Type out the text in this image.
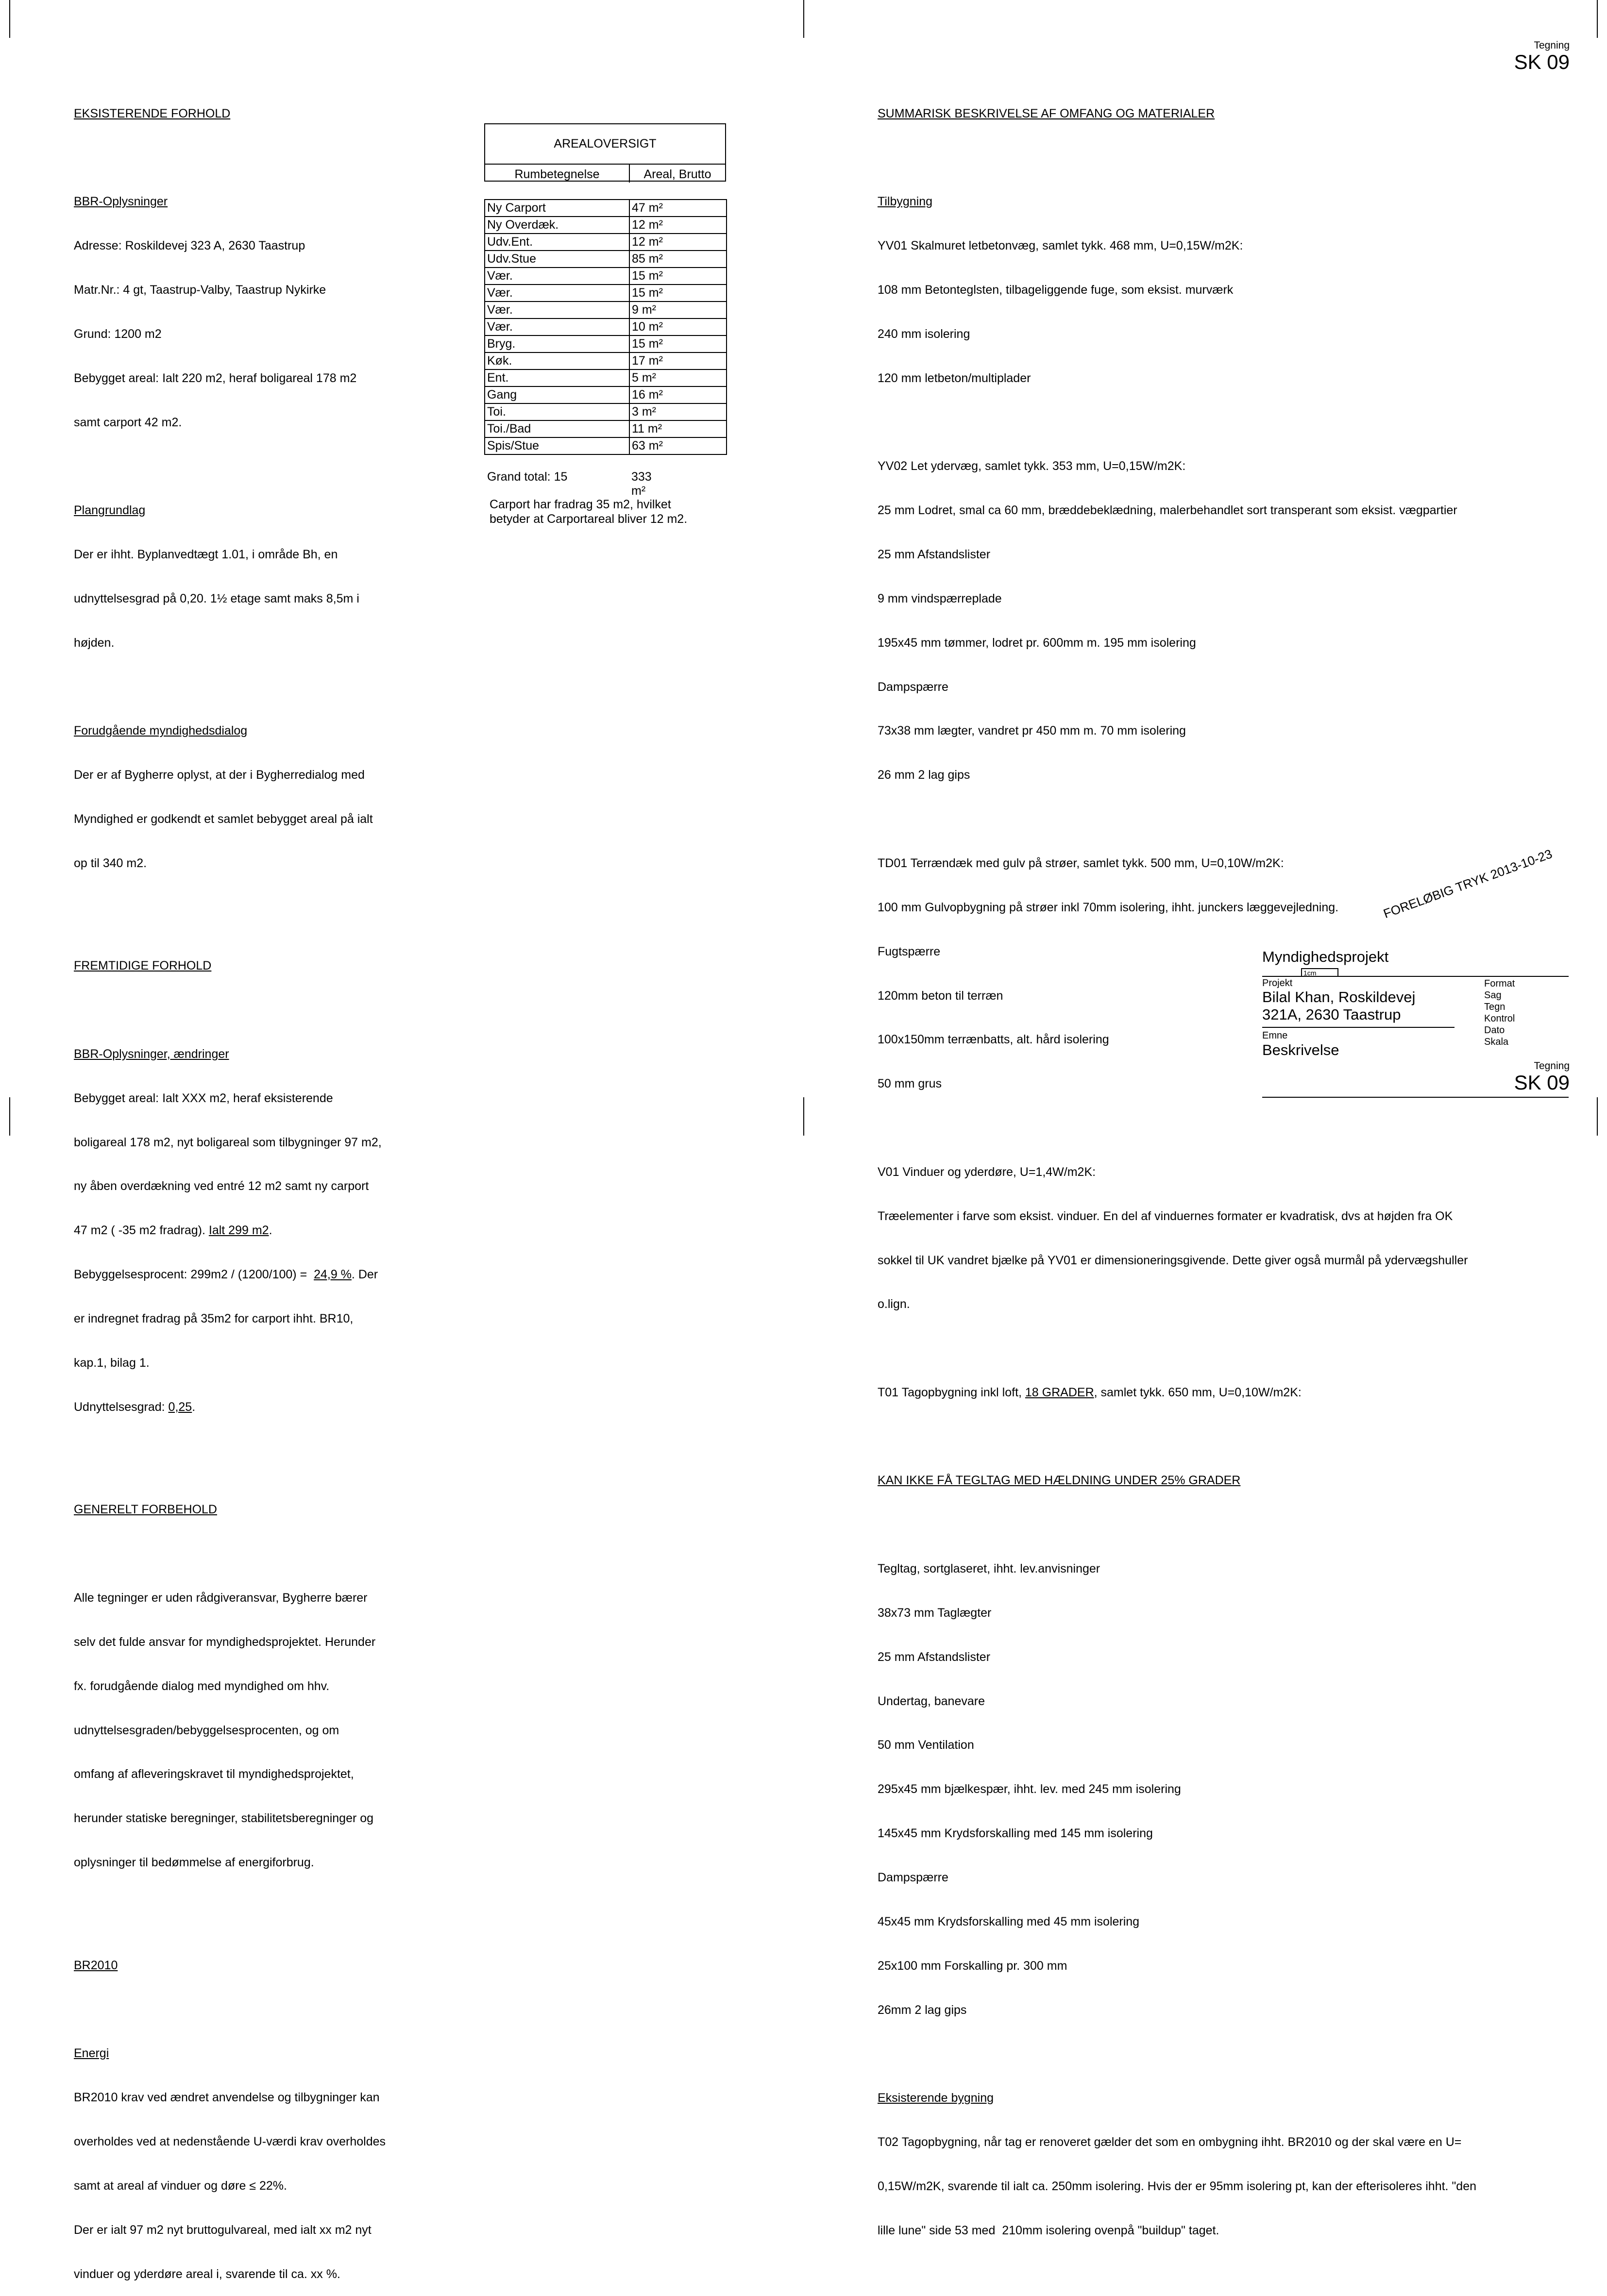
Tegning
SK 09

EKSISTERENDE FORHOLD

BBR-Oplysninger

Adresse: Roskildevej 323 A, 2630 Taastrup

Matr.Nr.: 4 gt, Taastrup-Valby, Taastrup Nykirke

Grund: 1200 m2

Bebygget areal: Ialt 220 m2, heraf boligareal 178 m2

samt carport 42 m2.

Plangrundlag

Der er ihht. Byplanvedtægt 1.01, i område Bh, en

udnyttelsesgrad på 0,20. 1½ etage samt maks 8,5m i

højden.

Forudgående myndighedsdialog

Der er af Bygherre oplyst, at der i Bygherredialog med

Myndighed er godkendt et samlet bebygget areal på ialt

op til 340 m2.

FREMTIDIGE FORHOLD

BBR-Oplysninger, ændringer

Bebygget areal: Ialt XXX m2, heraf eksisterende

boligareal 178 m2, nyt boligareal som tilbygninger 97 m2,

ny åben overdækning ved entré 12 m2 samt ny carport

47 m2 ( -35 m2 fradrag). Ialt 299 m2.

Bebyggelsesprocent: 299m2 / (1200/100) =  24,9 %. Der

er indregnet fradrag på 35m2 for carport ihht. BR10,

kap.1, bilag 1.

Udnyttelsesgrad: 0,25.

GENERELT FORBEHOLD

Alle tegninger er uden rådgiveransvar, Bygherre bærer

selv det fulde ansvar for myndighedsprojektet. Herunder

fx. forudgående dialog med myndighed om hhv.

udnyttelsesgraden/bebyggelsesprocenten, og om

omfang af afleveringskravet til myndighedsprojektet,

herunder statiske beregninger, stabilitetsberegninger og

oplysninger til bedømmelse af energiforbrug.

BR2010

Energi

BR2010 krav ved ændret anvendelse og tilbygninger kan

overholdes ved at nedenstående U-værdi krav overholdes

samt at areal af vinduer og døre ≤ 22%.

Der er ialt 97 m2 nyt bruttogulvareal, med ialt xx m2 nyt

vinduer og yderdøre areal i, svarende til ca. xx %.

AREALOVERSIGT
Rumbetegnelse	Areal, Brutto
Ny Carport	47 m²
Ny Overdæk.	12 m²
Udv.Ent.	12 m²
Udv.Stue	85 m²
Vær.	15 m²
Vær.	15 m²
Vær.	9 m²
Vær.	10 m²
Bryg.	15 m²
Køk.	17 m²
Ent.	5 m²
Gang	16 m²
Toi.	3 m²
Toi./Bad	11 m²
Spis/Stue	63 m²
Grand total: 15	333 m²
Carport har fradrag 35 m2, hvilket
betyder at Carportareal bliver 12 m2.

SUMMARISK BESKRIVELSE AF OMFANG OG MATERIALER

Tilbygning

YV01 Skalmuret letbetonvæg, samlet tykk. 468 mm, U=0,15W/m2K:

108 mm Betonteglsten, tilbageliggende fuge, som eksist. murværk

240 mm isolering

120 mm letbeton/multiplader

YV02 Let ydervæg, samlet tykk. 353 mm, U=0,15W/m2K:

25 mm Lodret, smal ca 60 mm, bræddebeklædning, malerbehandlet sort transperant som eksist. vægpartier

25 mm Afstandslister

9 mm vindspærreplade

195x45 mm tømmer, lodret pr. 600mm m. 195 mm isolering

Dampspærre

73x38 mm lægter, vandret pr 450 mm m. 70 mm isolering

26 mm 2 lag gips

TD01 Terrændæk med gulv på strøer, samlet tykk. 500 mm, U=0,10W/m2K:

100 mm Gulvopbygning på strøer inkl 70mm isolering, ihht. junckers læggevejledning.

Fugtspærre

120mm beton til terræn

100x150mm terrænbatts, alt. hård isolering

50 mm grus

V01 Vinduer og yderdøre, U=1,4W/m2K:

Træelementer i farve som eksist. vinduer. En del af vinduernes formater er kvadratisk, dvs at højden fra OK

sokkel til UK vandret bjælke på YV01 er dimensioneringsgivende. Dette giver også murmål på ydervægshuller

o.lign.

T01 Tagopbygning inkl loft, 18 GRADER, samlet tykk. 650 mm, U=0,10W/m2K:

KAN IKKE FÅ TEGLTAG MED HÆLDNING UNDER 25% GRADER

Tegltag, sortglaseret, ihht. lev.anvisninger

38x73 mm Taglægter

25 mm Afstandslister

Undertag, banevare

50 mm Ventilation

295x45 mm bjælkespær, ihht. lev. med 245 mm isolering

145x45 mm Krydsforskalling med 145 mm isolering

Dampspærre

45x45 mm Krydsforskalling med 45 mm isolering

25x100 mm Forskalling pr. 300 mm

26mm 2 lag gips

Eksisterende bygning

T02 Tagopbygning, når tag er renoveret gælder det som en ombygning ihht. BR2010 og der skal være en U=

0,15W/m2K, svarende til ialt ca. 250mm isolering. Hvis der er 95mm isolering pt, kan der efterisoleres ihht. "den

lille lune" side 53 med  210mm isolering ovenpå "buildup" taget.

FORELØBIG TRYK 2013-10-23
Myndighedsprojekt
1cm
Projekt
Bilal Khan, Roskildevej
321A, 2630 Taastrup
Emne
Beskrivelse
Format
Sag
Tegn
Kontrol
Dato
Skala
Tegning
SK 09
